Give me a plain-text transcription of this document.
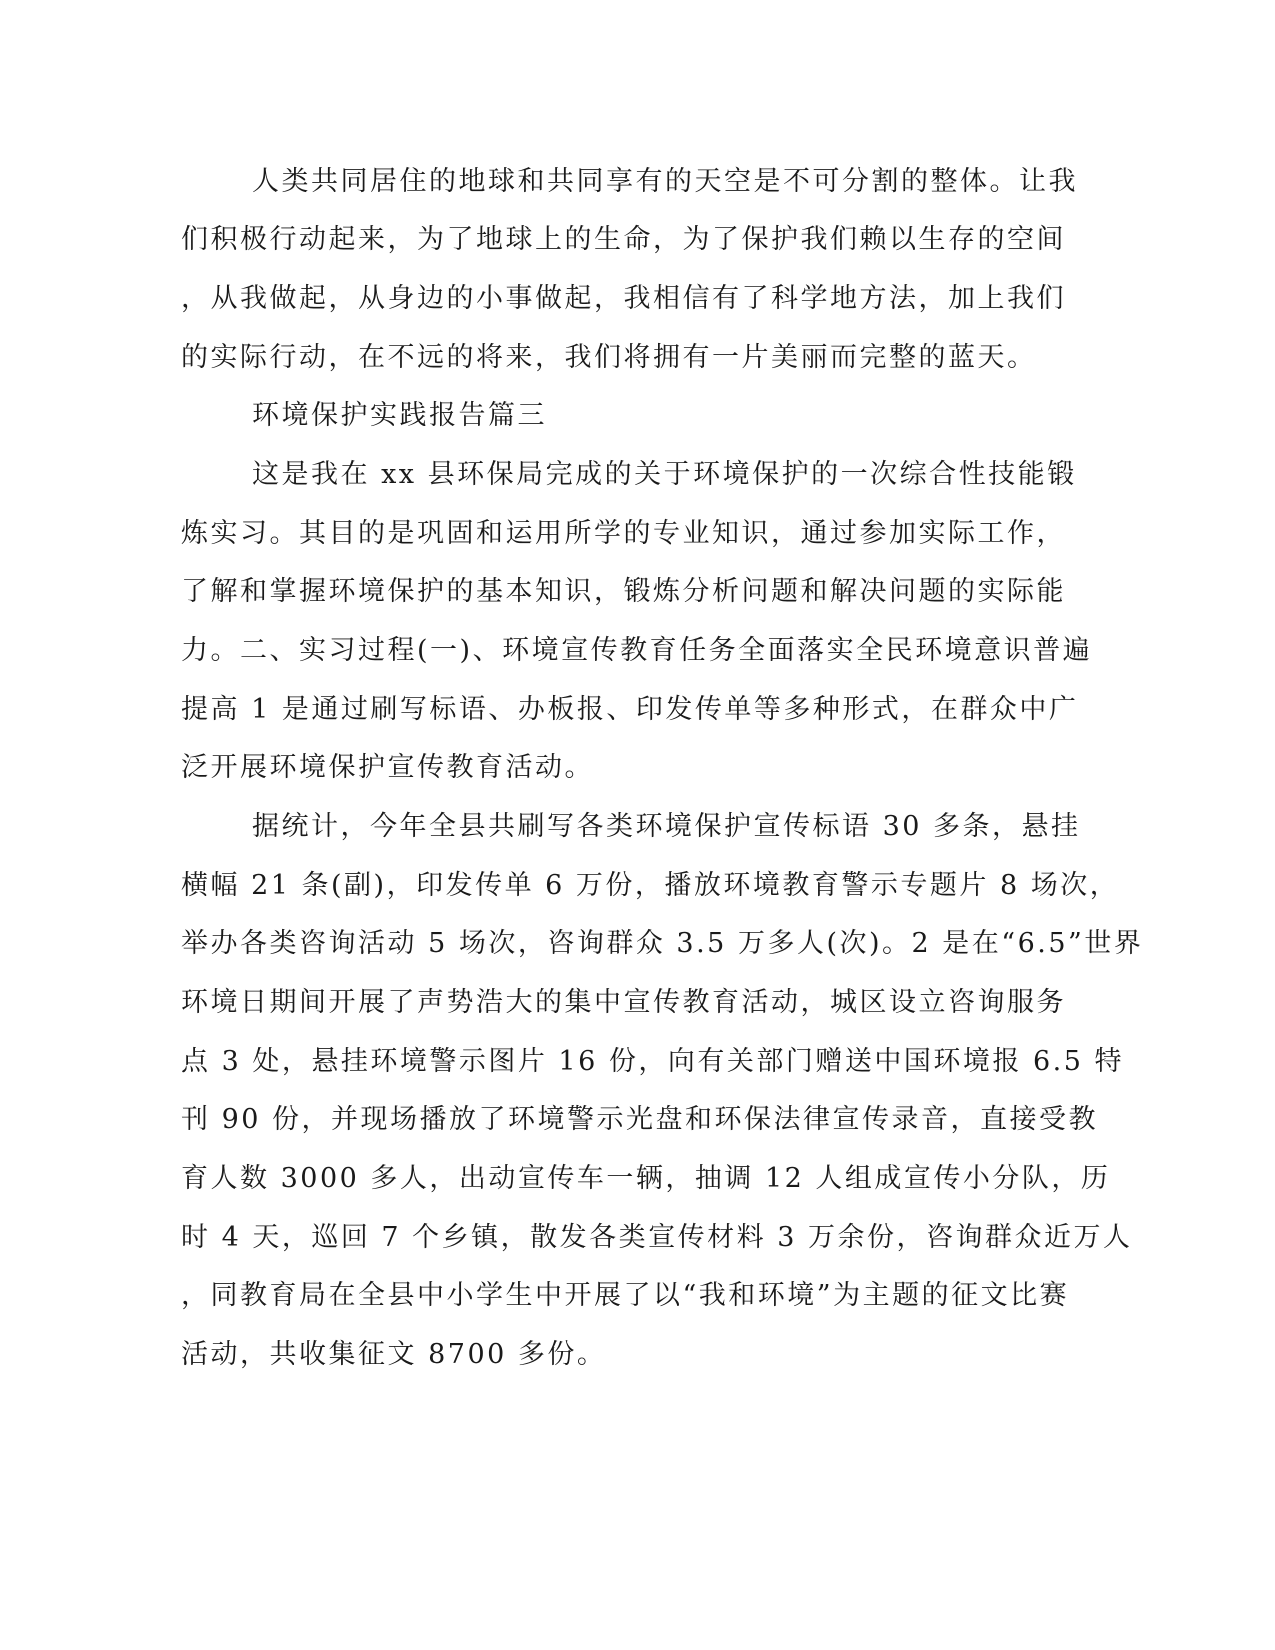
人类共同居住的地球和共同享有的天空是不可分割的整体。让我
们积极行动起来，为了地球上的生命，为了保护我们赖以生存的空间
，从我做起，从身边的小事做起，我相信有了科学地方法，加上我们
的实际行动，在不远的将来，我们将拥有一片美丽而完整的蓝天。
环境保护实践报告篇三
这是我在 xx 县环保局完成的关于环境保护的一次综合性技能锻
炼实习。其目的是巩固和运用所学的专业知识，通过参加实际工作，
了解和掌握环境保护的基本知识，锻炼分析问题和解决问题的实际能
力。二、实习过程(一)、环境宣传教育任务全面落实全民环境意识普遍
提高 1 是通过刷写标语、办板报、印发传单等多种形式，在群众中广
泛开展环境保护宣传教育活动。
据统计，今年全县共刷写各类环境保护宣传标语 30 多条，悬挂
横幅 21 条(副)，印发传单 6 万份，播放环境教育警示专题片 8 场次，
举办各类咨询活动 5 场次，咨询群众 3.5 万多人(次)。2 是在“6.5”世界
环境日期间开展了声势浩大的集中宣传教育活动，城区设立咨询服务
点 3 处，悬挂环境警示图片 16 份，向有关部门赠送中国环境报 6.5 特
刊 90 份，并现场播放了环境警示光盘和环保法律宣传录音，直接受教
育人数 3000 多人，出动宣传车一辆，抽调 12 人组成宣传小分队，历
时 4 天，巡回 7 个乡镇，散发各类宣传材料 3 万余份，咨询群众近万人
，同教育局在全县中小学生中开展了以“我和环境”为主题的征文比赛
活动，共收集征文 8700 多份。
